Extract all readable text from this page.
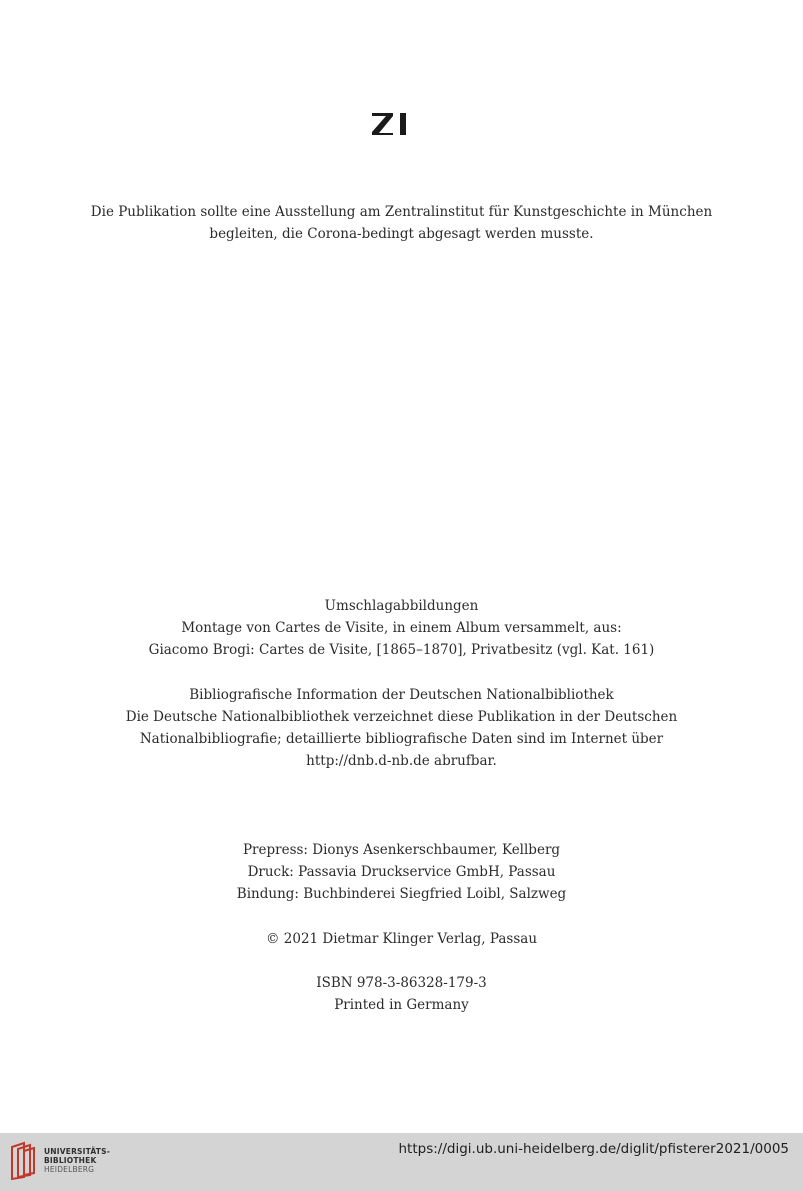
Die Publikation sollte eine Ausstellung am Zentralinstitut für Kunstgeschichte in München
begleiten, die Corona-bedingt abgesagt werden musste.
Umschlagabbildungen
Montage von Cartes de Visite, in einem Album versammelt, aus:
Giacomo Brogi: Cartes de Visite, [1865–1870], Privatbesitz (vgl. Kat. 161)
Bibliografische Information der Deutschen Nationalbibliothek
Die Deutsche Nationalbibliothek verzeichnet diese Publikation in der Deutschen
Nationalbibliografie; detaillierte bibliografische Daten sind im Internet über
http://dnb.d-nb.de abrufbar.
Prepress: Dionys Asenkerschbaumer, Kellberg
Druck: Passavia Druckservice GmbH, Passau
Bindung: Buchbinderei Siegfried Loibl, Salzweg
© 2021 Dietmar Klinger Verlag, Passau
ISBN 978-3-86328-179-3
Printed in Germany
UNIVERSITÄTS-
BIBLIOTHEK
HEIDELBERG
https://digi.ub.uni-heidelberg.de/diglit/pfisterer2021/0005
